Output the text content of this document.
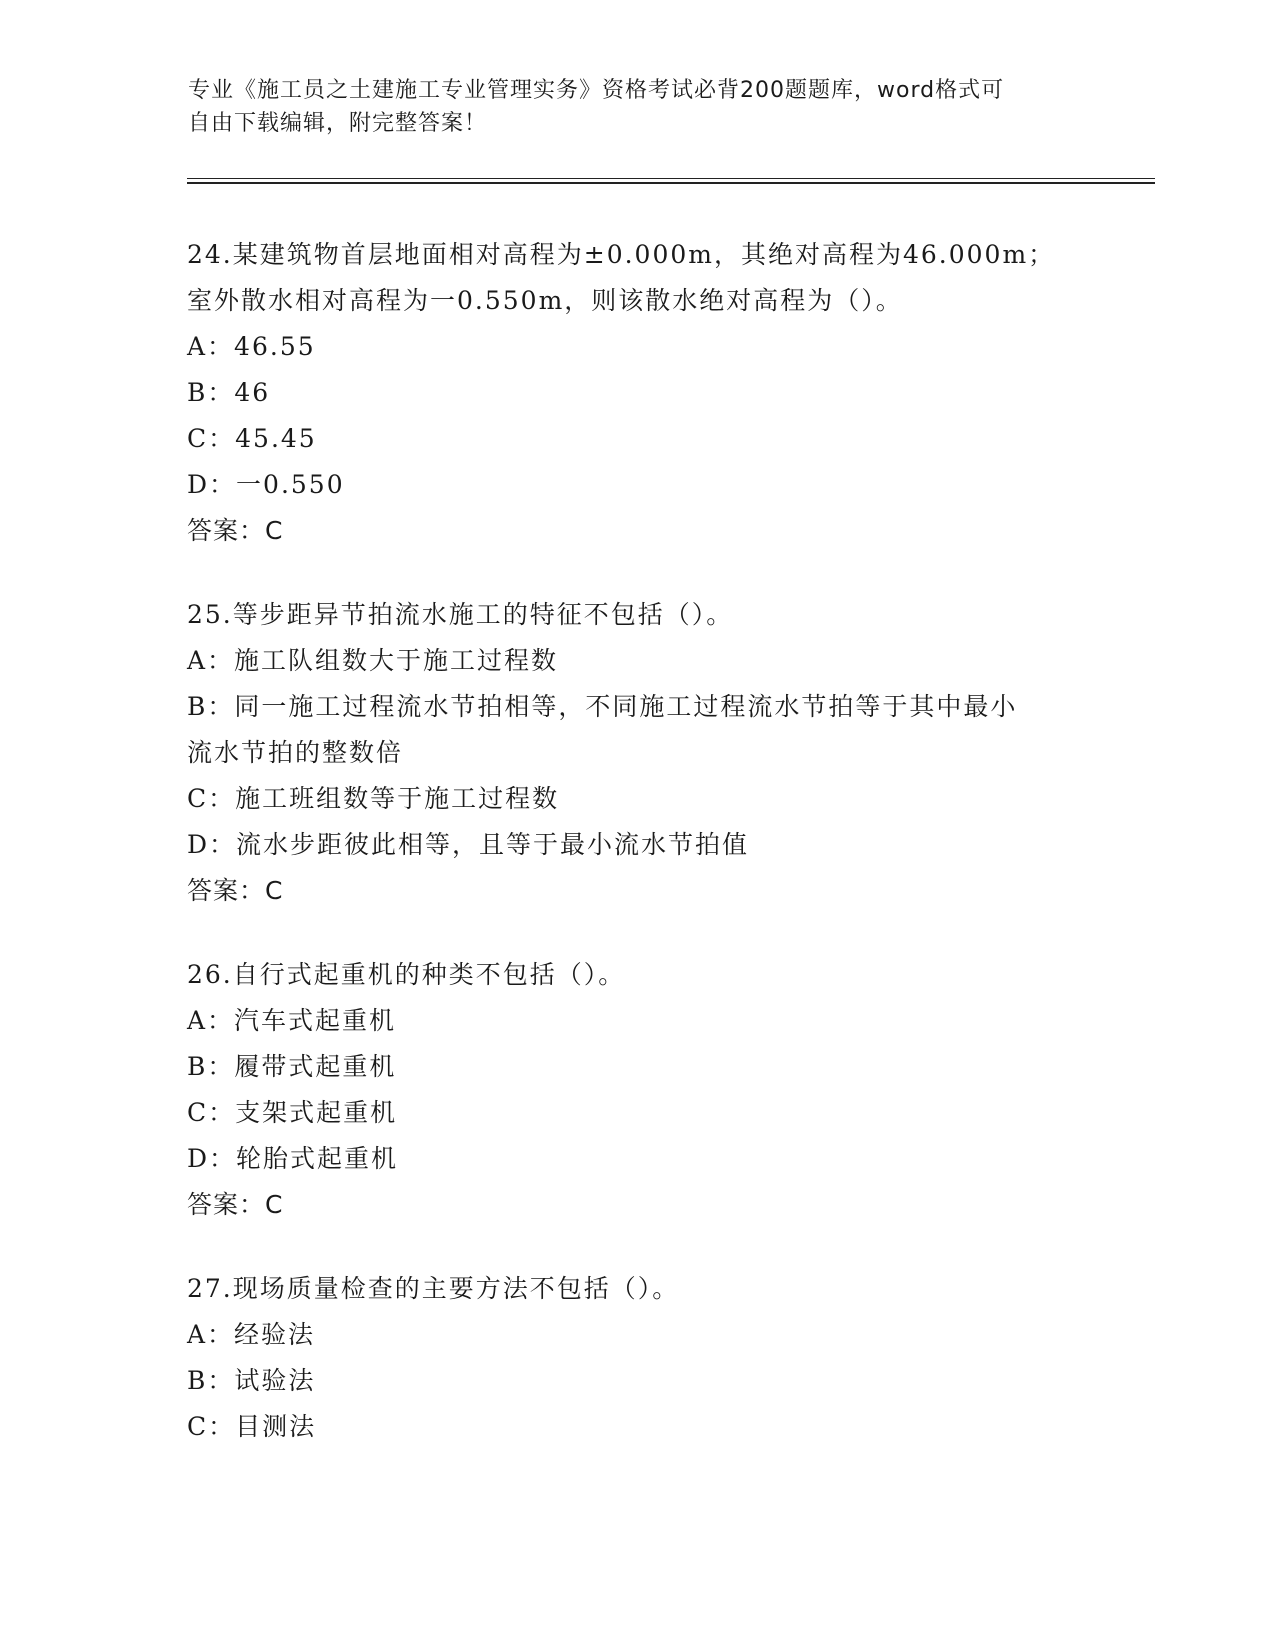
专业《施工员之土建施工专业管理实务》资格考试必背200题题库，word格式可
自由下载编辑，附完整答案！
24.某建筑物首层地面相对高程为±0.000m，其绝对高程为46.000m；
室外散水相对高程为一0.550m，则该散水绝对高程为（）。
A：46.55
B：46
C：45.45
D：一0.550
答案：C
25.等步距异节拍流水施工的特征不包括（）。
A：施工队组数大于施工过程数
B：同一施工过程流水节拍相等，不同施工过程流水节拍等于其中最小
流水节拍的整数倍
C：施工班组数等于施工过程数
D：流水步距彼此相等，且等于最小流水节拍值
答案：C
26.自行式起重机的种类不包括（）。
A：汽车式起重机
B：履带式起重机
C：支架式起重机
D：轮胎式起重机
答案：C
27.现场质量检查的主要方法不包括（）。
A：经验法
B：试验法
C：目测法
